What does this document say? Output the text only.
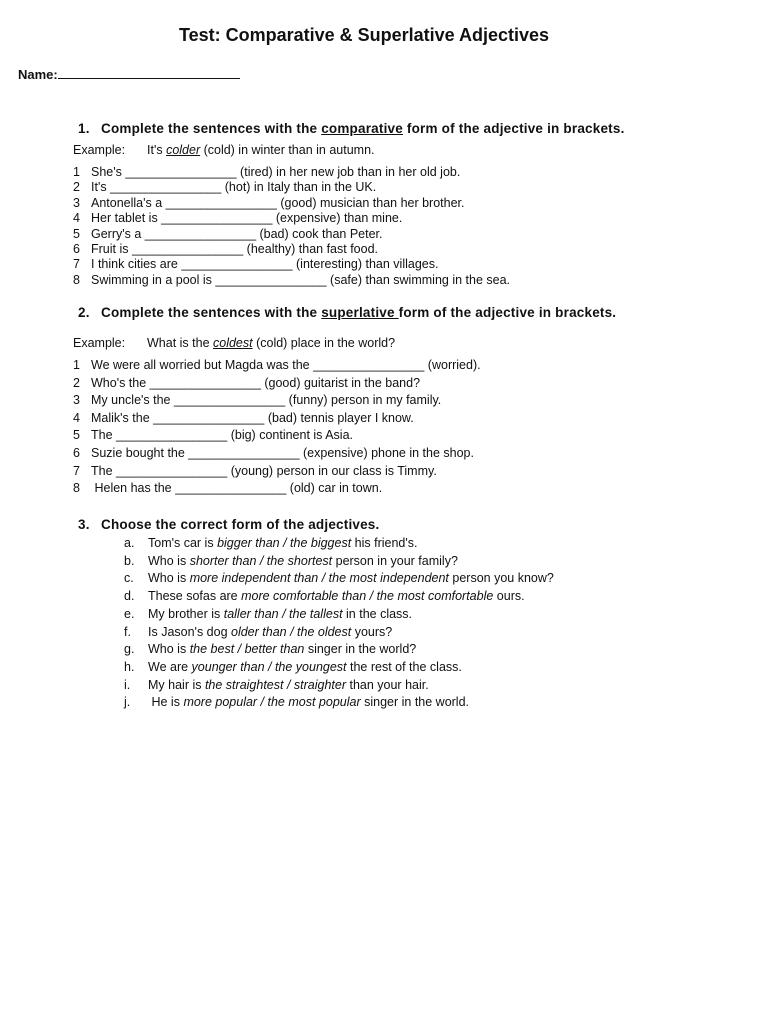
Test: Comparative & Superlative Adjectives
Name:
1. Complete the sentences with the comparative form of the adjective in brackets.
Example: It's colder (cold) in winter than in autumn.
1 She's ________________ (tired) in her new job than in her old job.
2 It's ________________ (hot) in Italy than in the UK.
3 Antonella's a ________________ (good) musician than her brother.
4 Her tablet is ________________ (expensive) than mine.
5 Gerry's a ________________ (bad) cook than Peter.
6 Fruit is ________________ (healthy) than fast food.
7 I think cities are ________________ (interesting) than villages.
8 Swimming in a pool is ________________ (safe) than swimming in the sea.
2. Complete the sentences with the superlative form of the adjective in brackets.
Example: What is the coldest (cold) place in the world?
1 We were all worried but Magda was the ________________ (worried).
2 Who's the ________________ (good) guitarist in the band?
3 My uncle's the ________________ (funny) person in my family.
4 Malik's the ________________ (bad) tennis player I know.
5 The ________________ (big) continent is Asia.
6 Suzie bought the ________________ (expensive) phone in the shop.
7 The ________________ (young) person in our class is Timmy.
8 Helen has the ________________ (old) car in town.
3. Choose the correct form of the adjectives.
a. Tom's car is bigger than / the biggest his friend's.
b. Who is shorter than / the shortest person in your family?
c. Who is more independent than / the most independent person you know?
d. These sofas are more comfortable than / the most comfortable ours.
e. My brother is taller than / the tallest in the class.
f. Is Jason's dog older than / the oldest yours?
g. Who is the best / better than singer in the world?
h. We are younger than / the youngest the rest of the class.
i. My hair is the straightest / straighter than your hair.
j. He is more popular / the most popular singer in the world.
